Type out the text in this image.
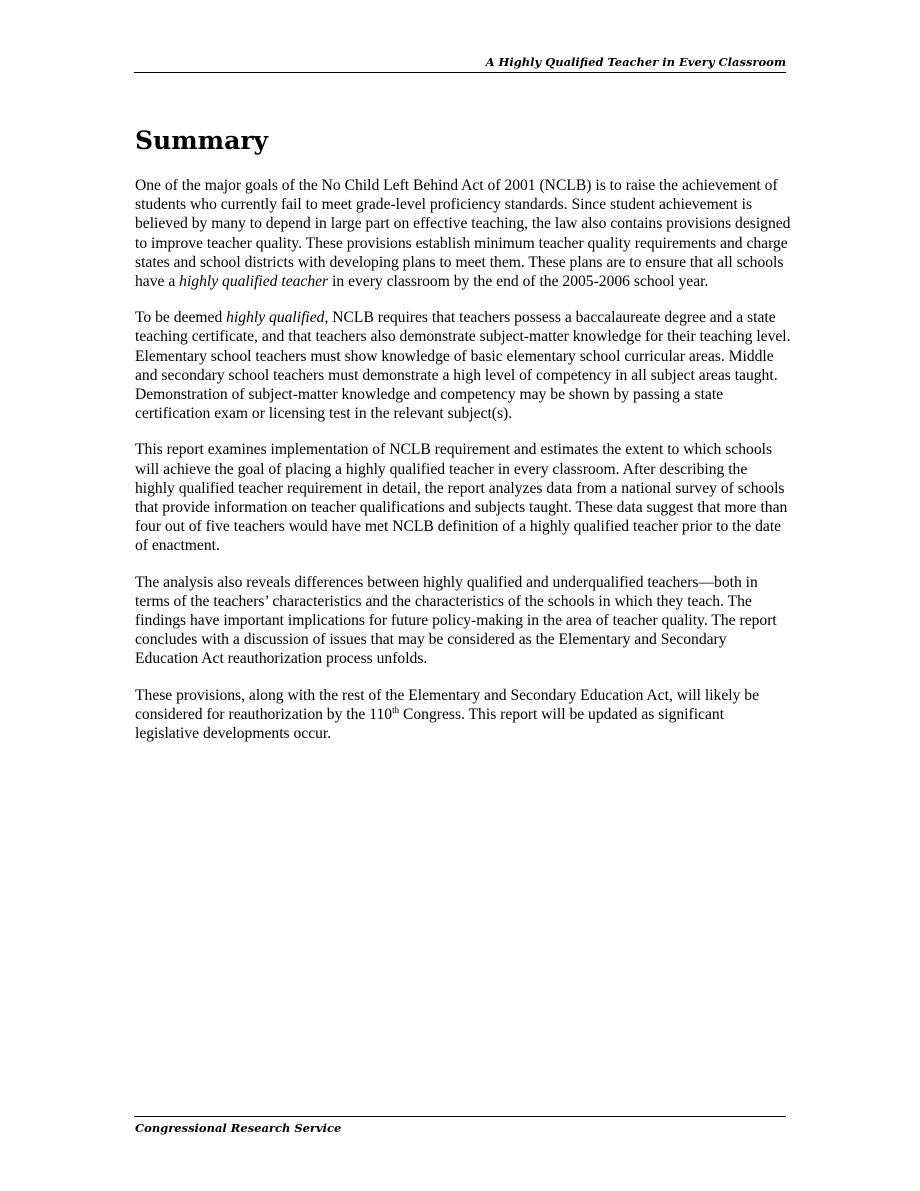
A Highly Qualified Teacher in Every Classroom
Summary

One of the major goals of the No Child Left Behind Act of 2001 (NCLB) is to raise the achievement of students who currently fail to meet grade-level proficiency standards. Since student achievement is believed by many to depend in large part on effective teaching, the law also contains provisions designed to improve teacher quality. These provisions establish minimum teacher quality requirements and charge states and school districts with developing plans to meet them. These plans are to ensure that all schools have a highly qualified teacher in every classroom by the end of the 2005-2006 school year.

To be deemed highly qualified, NCLB requires that teachers possess a baccalaureate degree and a state teaching certificate, and that teachers also demonstrate subject-matter knowledge for their teaching level. Elementary school teachers must show knowledge of basic elementary school curricular areas. Middle and secondary school teachers must demonstrate a high level of competency in all subject areas taught. Demonstration of subject-matter knowledge and competency may be shown by passing a state certification exam or licensing test in the relevant subject(s).

This report examines implementation of NCLB requirement and estimates the extent to which schools will achieve the goal of placing a highly qualified teacher in every classroom. After describing the highly qualified teacher requirement in detail, the report analyzes data from a national survey of schools that provide information on teacher qualifications and subjects taught. These data suggest that more than four out of five teachers would have met NCLB definition of a highly qualified teacher prior to the date of enactment.

The analysis also reveals differences between highly qualified and underqualified teachers—both in terms of the teachers’ characteristics and the characteristics of the schools in which they teach. The findings have important implications for future policy-making in the area of teacher quality. The report concludes with a discussion of issues that may be considered as the Elementary and Secondary Education Act reauthorization process unfolds.

These provisions, along with the rest of the Elementary and Secondary Education Act, will likely be considered for reauthorization by the 110th Congress. This report will be updated as significant legislative developments occur.

Congressional Research Service
